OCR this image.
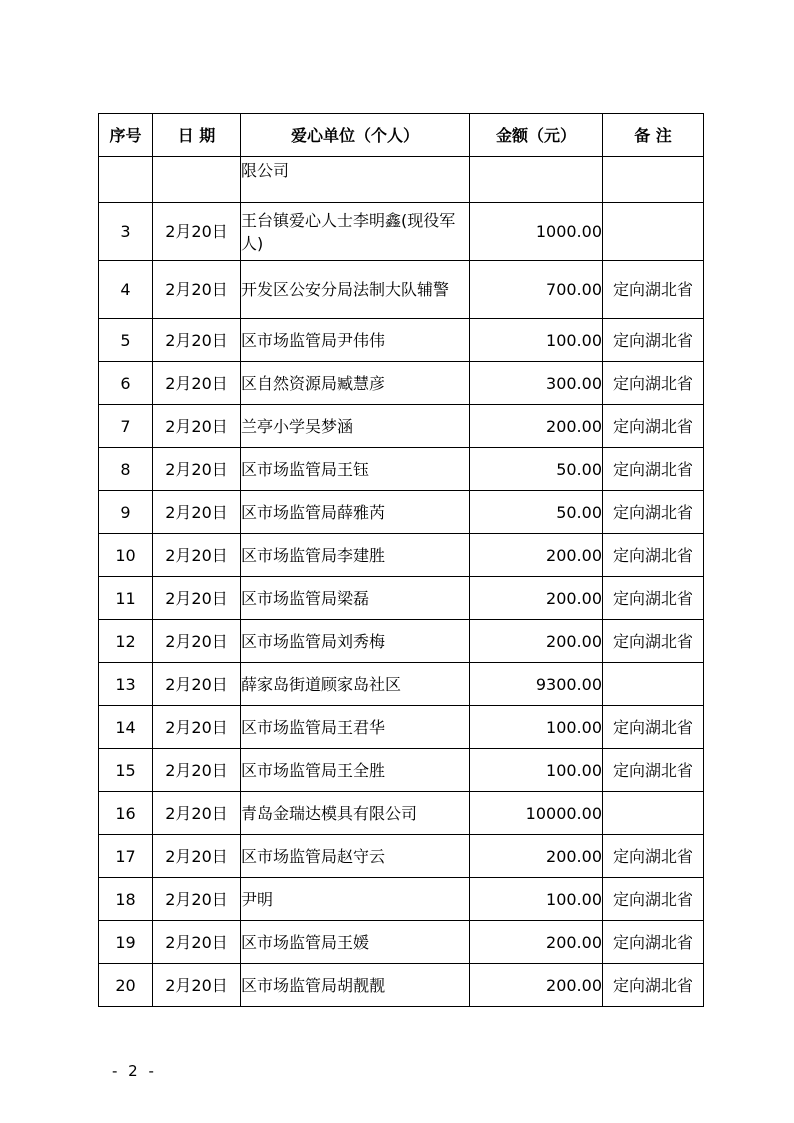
序号	日 期	爱心单位（个人）	金额（元）	备 注
		限公司		
3	2月20日	王台镇爱心人士李明鑫(现役军人)	1000.00	
4	2月20日	开发区公安分局法制大队辅警	700.00	定向湖北省
5	2月20日	区市场监管局尹伟伟	100.00	定向湖北省
6	2月20日	区自然资源局臧慧彦	300.00	定向湖北省
7	2月20日	兰亭小学吴梦涵	200.00	定向湖北省
8	2月20日	区市场监管局王钰	50.00	定向湖北省
9	2月20日	区市场监管局薛雅芮	50.00	定向湖北省
10	2月20日	区市场监管局李建胜	200.00	定向湖北省
11	2月20日	区市场监管局梁磊	200.00	定向湖北省
12	2月20日	区市场监管局刘秀梅	200.00	定向湖北省
13	2月20日	薛家岛街道顾家岛社区	9300.00	
14	2月20日	区市场监管局王君华	100.00	定向湖北省
15	2月20日	区市场监管局王全胜	100.00	定向湖北省
16	2月20日	青岛金瑞达模具有限公司	10000.00	
17	2月20日	区市场监管局赵守云	200.00	定向湖北省
18	2月20日	尹明	100.00	定向湖北省
19	2月20日	区市场监管局王媛	200.00	定向湖北省
20	2月20日	区市场监管局胡靓靓	200.00	定向湖北省
- 2 -
